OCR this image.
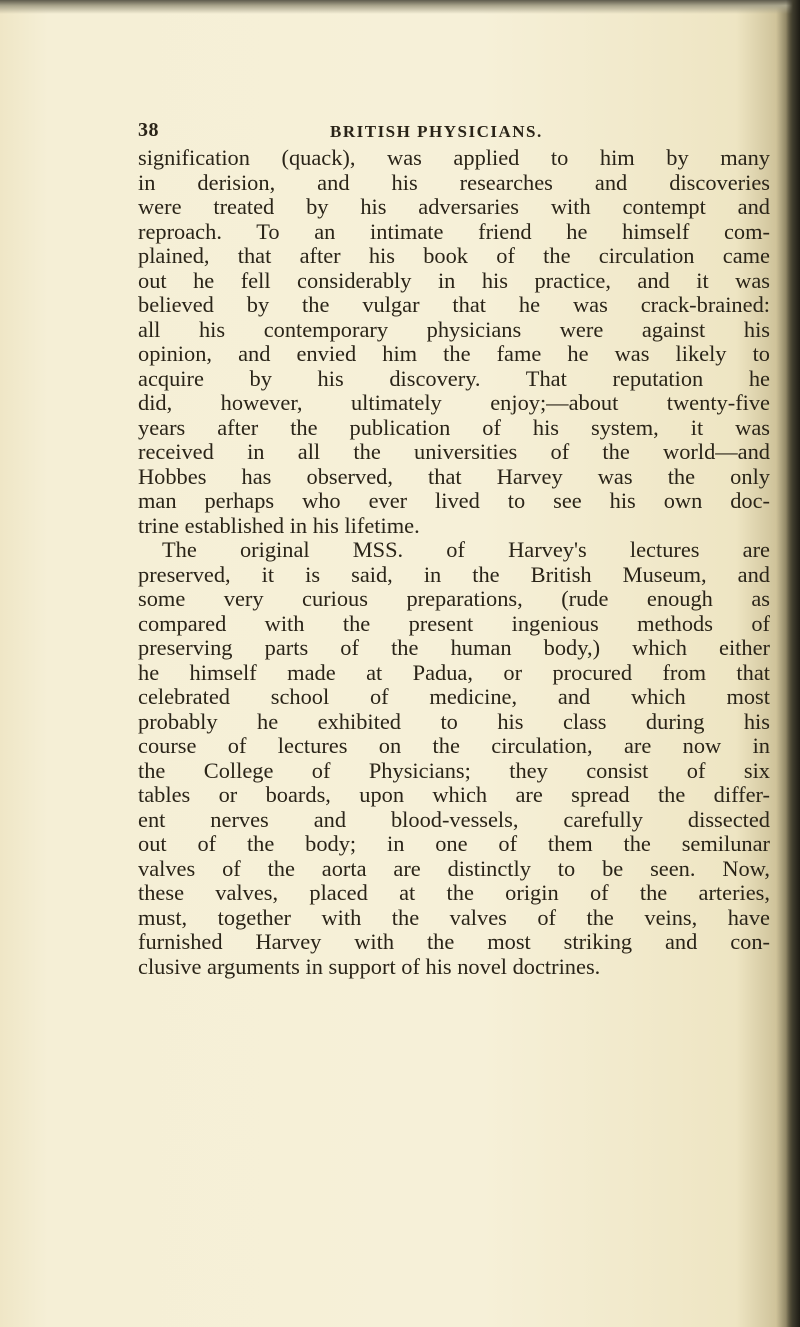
38	BRITISH PHYSICIANS.
signification (quack), was applied to him by many
in derision, and his researches and discoveries
were treated by his adversaries with contempt and
reproach. To an intimate friend he himself com-
plained, that after his book of the circulation came
out he fell considerably in his practice, and it was
believed by the vulgar that he was crack-brained:
all his contemporary physicians were against his
opinion, and envied him the fame he was likely to
acquire by his discovery. That reputation he
did, however, ultimately enjoy;—about twenty-five
years after the publication of his system, it was
received in all the universities of the world—and
Hobbes has observed, that Harvey was the only
man perhaps who ever lived to see his own doc-
trine established in his lifetime.
The original MSS. of Harvey's lectures are
preserved, it is said, in the British Museum, and
some very curious preparations, (rude enough as
compared with the present ingenious methods of
preserving parts of the human body,) which either
he himself made at Padua, or procured from that
celebrated school of medicine, and which most
probably he exhibited to his class during his
course of lectures on the circulation, are now in
the College of Physicians; they consist of six
tables or boards, upon which are spread the differ-
ent nerves and blood-vessels, carefully dissected
out of the body; in one of them the semilunar
valves of the aorta are distinctly to be seen. Now,
these valves, placed at the origin of the arteries,
must, together with the valves of the veins, have
furnished Harvey with the most striking and con-
clusive arguments in support of his novel doctrines.
